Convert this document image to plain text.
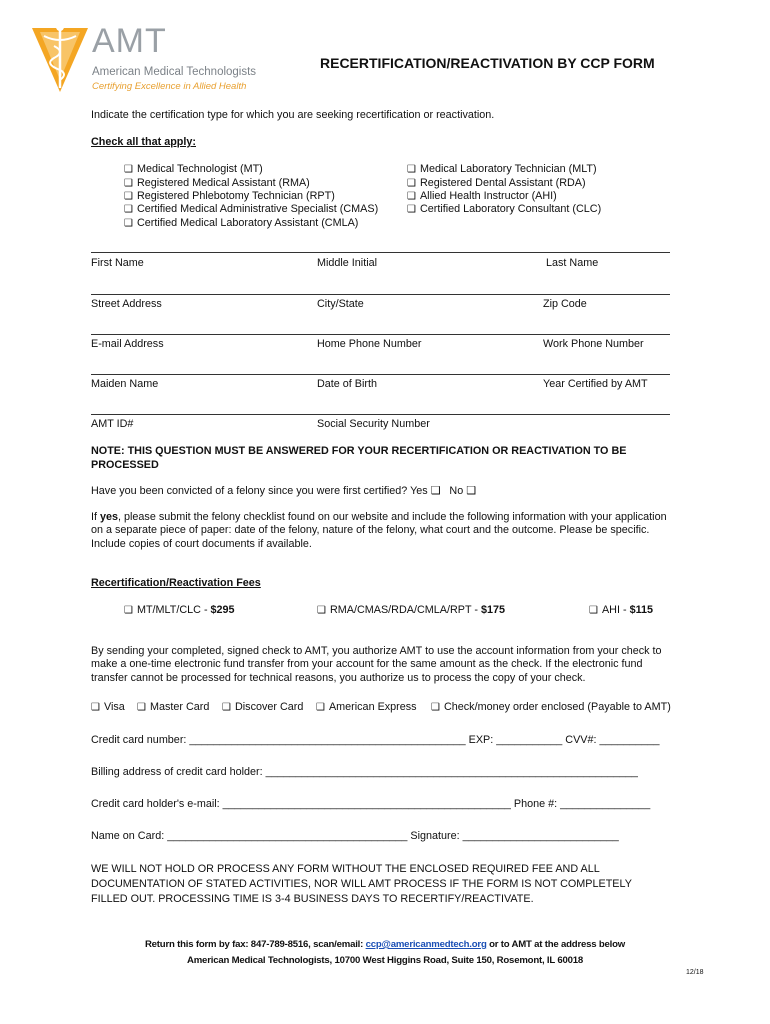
AMT
American Medical Technologists
Certifying Excellence in Allied Health
RECERTIFICATION/REACTIVATION BY CCP FORM
Indicate the certification type for which you are seeking recertification or reactivation.
Check all that apply:
❑ Medical Technologist (MT)
❑ Registered Medical Assistant (RMA)
❑ Registered Phlebotomy Technician (RPT)
❑ Certified Medical Administrative Specialist (CMAS)
❑ Certified Medical Laboratory Assistant (CMLA)
❑ Medical Laboratory Technician (MLT)
❑ Registered Dental Assistant (RDA)
❑ Allied Health Instructor (AHI)
❑ Certified Laboratory Consultant (CLC)
First Name	Middle Initial	Last Name
Street Address	City/State	Zip Code
E-mail Address	Home Phone Number	Work Phone Number
Maiden Name	Date of Birth	Year Certified by AMT
AMT ID#	Social Security Number
NOTE: THIS QUESTION MUST BE ANSWERED FOR YOUR RECERTIFICATION OR REACTIVATION TO BE PROCESSED
Have you been convicted of a felony since you were first certified? Yes ❑ No ❑
If yes, please submit the felony checklist found on our website and include the following information with your application
on a separate piece of paper: date of the felony, nature of the felony, what court and the outcome. Please be specific.
Include copies of court documents if available.
Recertification/Reactivation Fees
❑ MT/MLT/CLC - $295	❑ RMA/CMAS/RDA/CMLA/RPT - $175	❑ AHI - $115
By sending your completed, signed check to AMT, you authorize AMT to use the account information from your check to
make a one-time electronic fund transfer from your account for the same amount as the check. If the electronic fund
transfer cannot be processed for technical reasons, you authorize us to process the copy of your check.
❑ Visa	❑ Master Card	❑ Discover Card	❑ American Express	❑ Check/money order enclosed (Payable to AMT)
Credit card number: ______________________________________________ EXP: ___________ CVV#: __________
Billing address of credit card holder: ______________________________________________________________
Credit card holder's e-mail: ________________________________________________ Phone #: _______________
Name on Card: ________________________________________ Signature: __________________________
WE WILL NOT HOLD OR PROCESS ANY FORM WITHOUT THE ENCLOSED REQUIRED FEE AND ALL
DOCUMENTATION OF STATED ACTIVITIES, NOR WILL AMT PROCESS IF THE FORM IS NOT COMPLETELY
FILLED OUT. PROCESSING TIME IS 3-4 BUSINESS DAYS TO RECERTIFY/REACTIVATE.
Return this form by fax: 847-789-8516, scan/email: ccp@americanmedtech.org or to AMT at the address below
American Medical Technologists, 10700 West Higgins Road, Suite 150, Rosemont, IL 60018
12/18
